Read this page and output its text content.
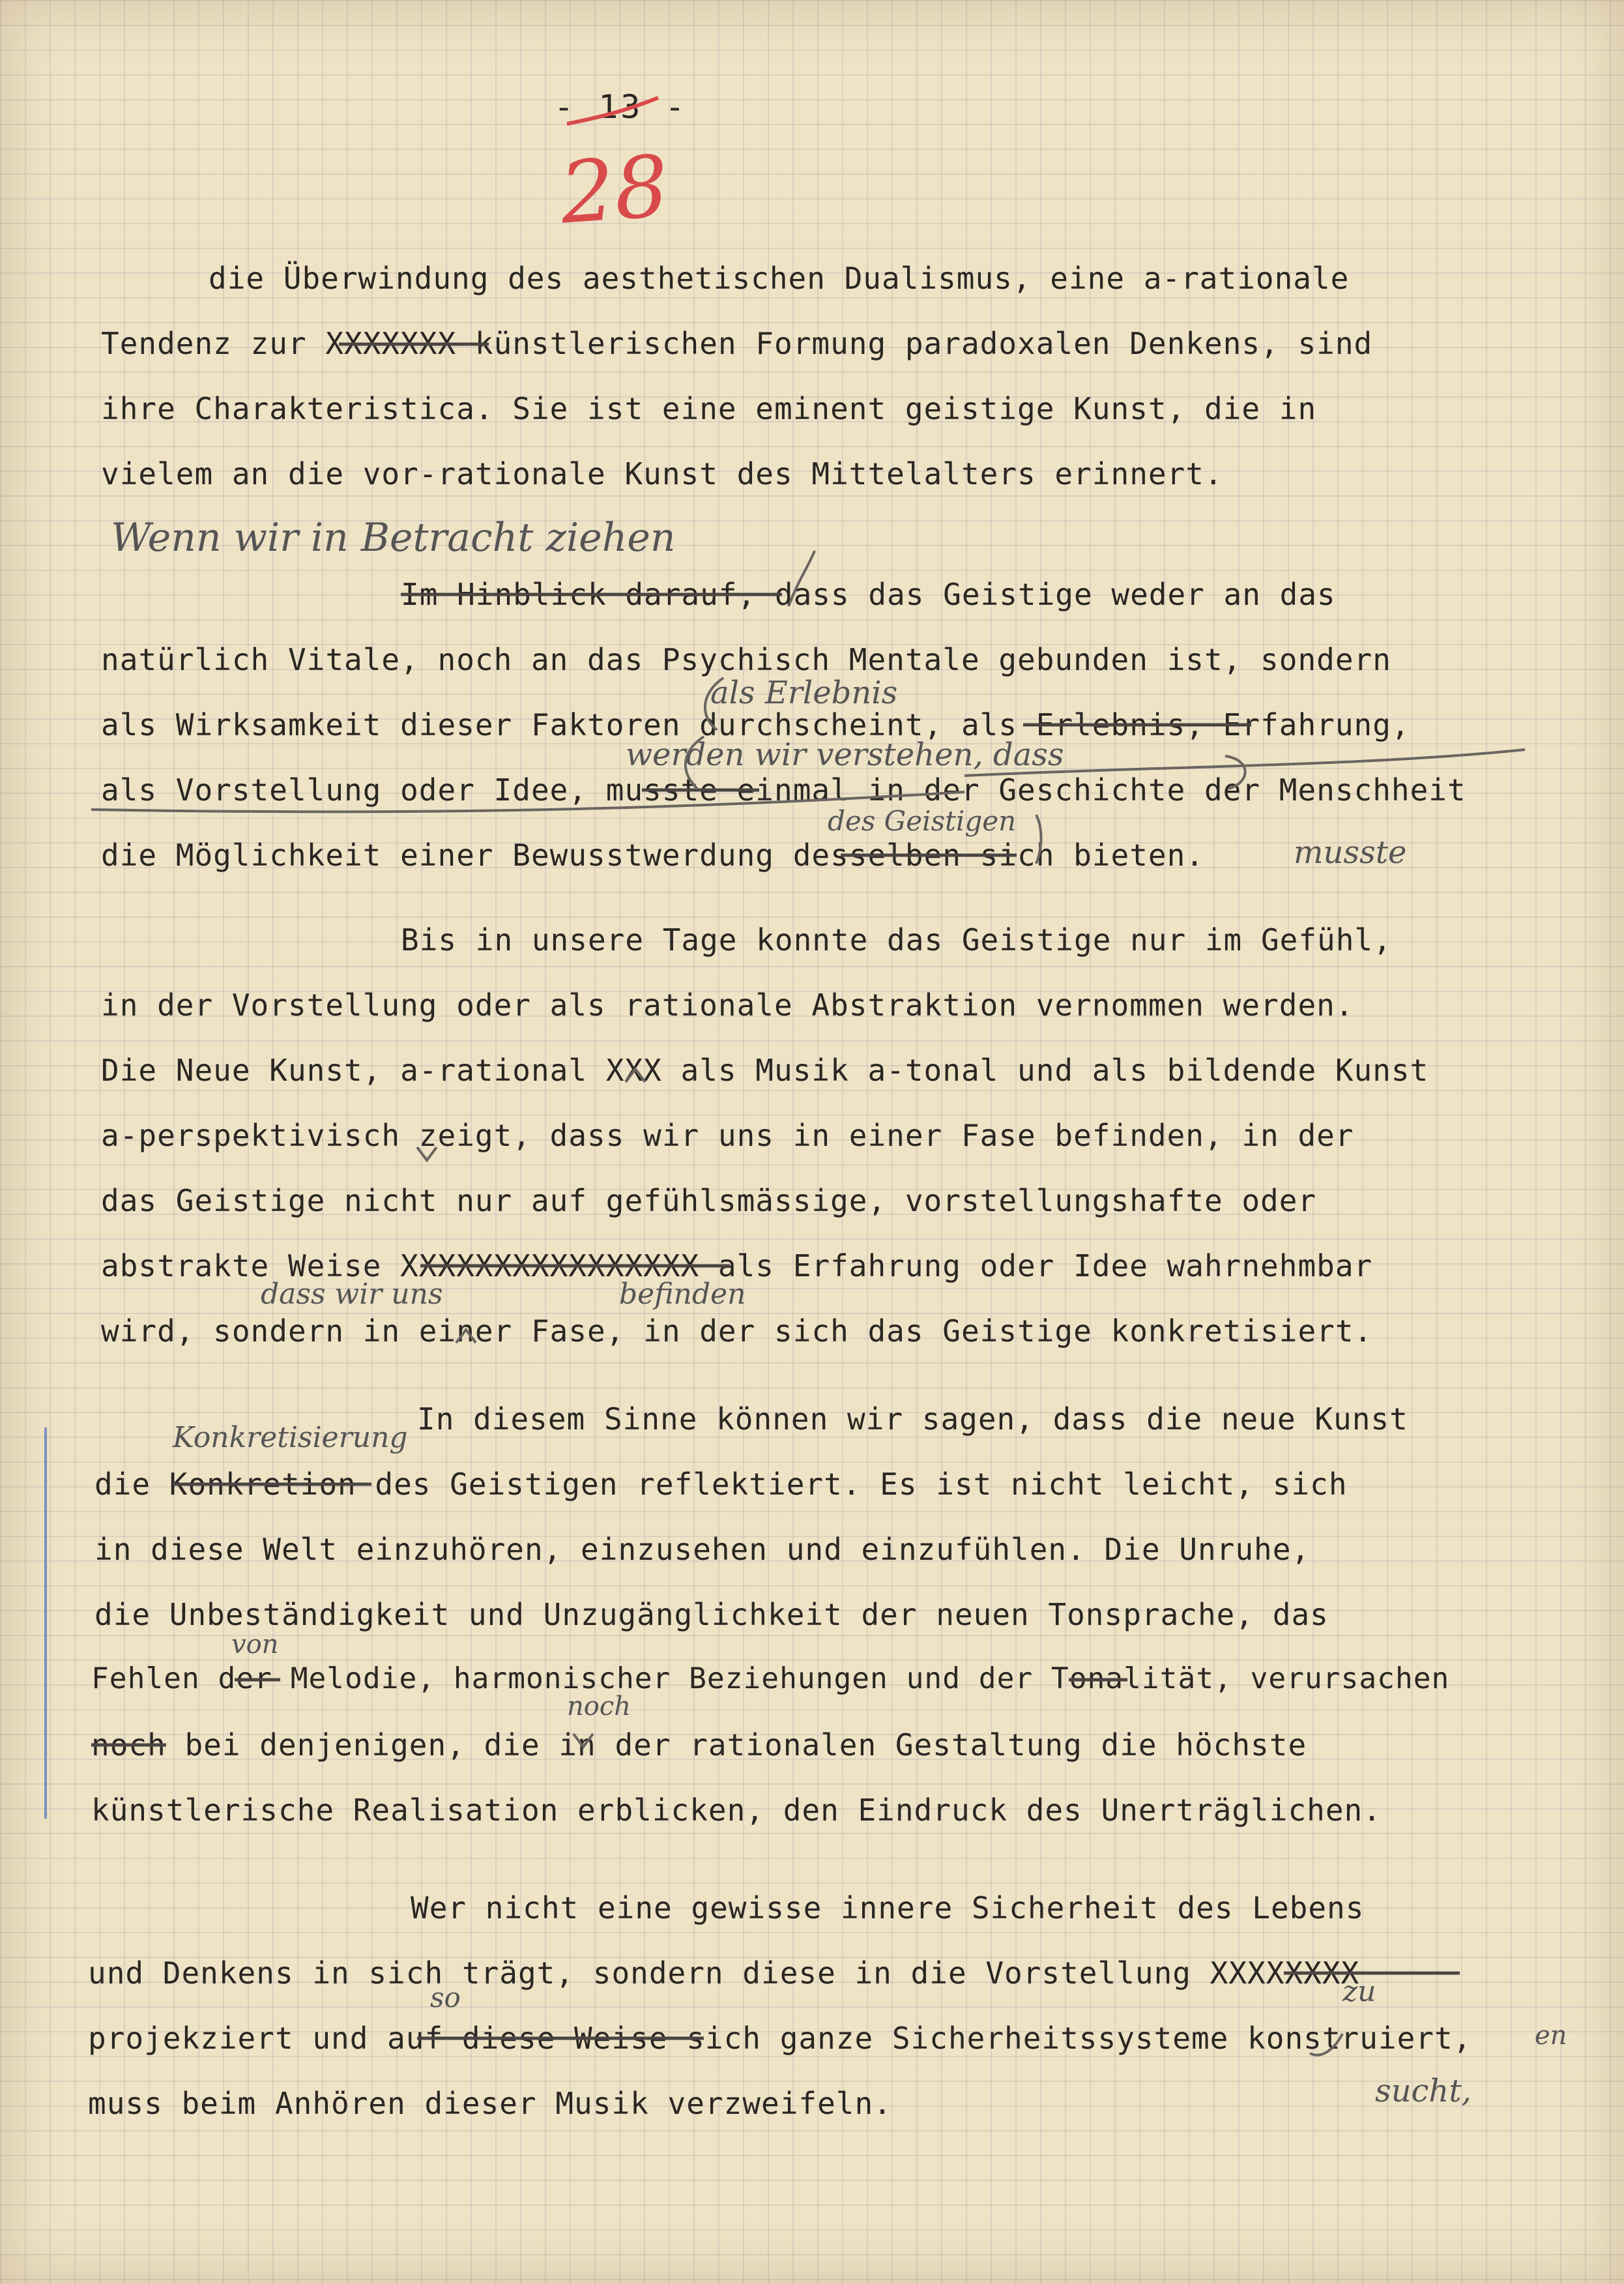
- 13 -
28
die Überwindung des aesthetischen Dualismus, eine a-rationale
Tendenz zur XXXXXXX künstlerischen Formung paradoxalen Denkens, sind
ihre Charakteristica. Sie ist eine eminent geistige Kunst, die in
vielem an die vor-rationale Kunst des Mittelalters erinnert.
Wenn wir in Betracht ziehen
Im Hinblick darauf, dass das Geistige weder an das
natürlich Vitale, noch an das Psychisch Mentale gebunden ist, sondern
als Erlebnis
als Wirksamkeit dieser Faktoren durchscheint, als Erlebnis, Erfahrung,
werden wir verstehen, dass
als Vorstellung oder Idee, musste einmal in der Geschichte der Menschheit
des Geistigen
die Möglichkeit einer Bewusstwerdung desselben sich bieten.	musste
Bis in unsere Tage konnte das Geistige nur im Gefühl,
in der Vorstellung oder als rationale Abstraktion vernommen werden.
Die Neue Kunst, a-rational XXX als Musik a-tonal und als bildende Kunst
a-perspektivisch zeigt, dass wir uns in einer Fase befinden, in der
das Geistige nicht nur auf gefühlsmässige, vorstellungshafte oder
abstrakte Weise XXXXXXXXXXXXXXXX als Erfahrung oder Idee wahrnehmbar
dass wir uns	befinden
wird, sondern in einer Fase, in der sich das Geistige konkretisiert.
In diesem Sinne können wir sagen, dass die neue Kunst
Konkretisierung
die Konkretion des Geistigen reflektiert. Es ist nicht leicht, sich
in diese Welt einzuhören, einzusehen und einzufühlen. Die Unruhe,
die Unbeständigkeit und Unzugänglichkeit der neuen Tonsprache, das
von
Fehlen der Melodie, harmonischer Beziehungen und der Tonalität, verursachen
noch
noch bei denjenigen, die in der rationalen Gestaltung die höchste
künstlerische Realisation erblicken, den Eindruck des Unerträglichen.
Wer nicht eine gewisse innere Sicherheit des Lebens
und Denkens in sich trägt, sondern diese in die Vorstellung XXXXXXXX
so	zu
projekziert und auf diese Weise sich ganze Sicherheitssysteme konstruiert, en
sucht,
muss beim Anhören dieser Musik verzweifeln.
